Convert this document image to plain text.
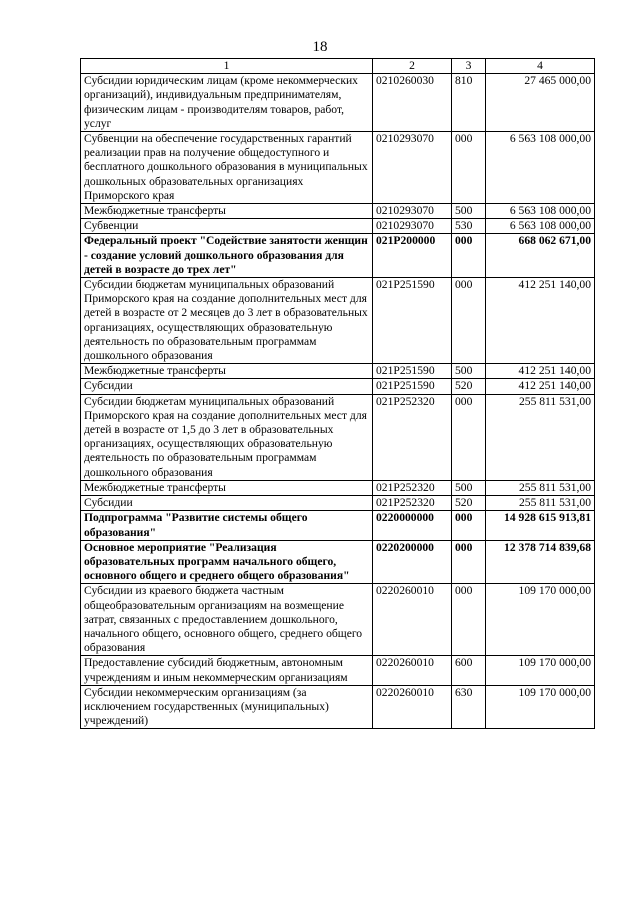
18
1	2	3	4
Субсидии юридическим лицам (кроме некоммерческих организаций), индивидуальным предпринимателям, физическим лицам - производителям товаров, работ, услуг	0210260030	810	27 465 000,00
Субвенции на обеспечение государственных гарантий реализации прав на получение общедоступного и бесплатного дошкольного образования в муниципальных дошкольных образовательных организациях Приморского края	0210293070	000	6 563 108 000,00
Межбюджетные трансферты	0210293070	500	6 563 108 000,00
Субвенции	0210293070	530	6 563 108 000,00
Федеральный проект "Содействие занятости женщин - создание условий дошкольного образования для детей в возрасте до трех лет"	021P200000	000	668 062 671,00
Субсидии бюджетам муниципальных образований Приморского края на создание дополнительных мест для детей в возрасте от 2 месяцев до 3 лет в образовательных организациях, осуществляющих образовательную деятельность по образовательным программам дошкольного образования	021P251590	000	412 251 140,00
Межбюджетные трансферты	021P251590	500	412 251 140,00
Субсидии	021P251590	520	412 251 140,00
Субсидии бюджетам муниципальных образований Приморского края на создание дополнительных мест для детей в возрасте от 1,5 до 3 лет в образовательных организациях, осуществляющих образовательную деятельность по образовательным программам дошкольного образования	021P252320	000	255 811 531,00
Межбюджетные трансферты	021P252320	500	255 811 531,00
Субсидии	021P252320	520	255 811 531,00
Подпрограмма "Развитие системы общего образования"	0220000000	000	14 928 615 913,81
Основное мероприятие "Реализация образовательных программ начального общего, основного общего и среднего общего образования"	0220200000	000	12 378 714 839,68
Субсидии из краевого бюджета частным общеобразовательным организациям на возмещение затрат, связанных с предоставлением дошкольного, начального общего, основного общего, среднего общего образования	0220260010	000	109 170 000,00
Предоставление субсидий бюджетным, автономным учреждениям и иным некоммерческим организациям	0220260010	600	109 170 000,00
Субсидии некоммерческим организациям (за исключением государственных (муниципальных) учреждений)	0220260010	630	109 170 000,00
